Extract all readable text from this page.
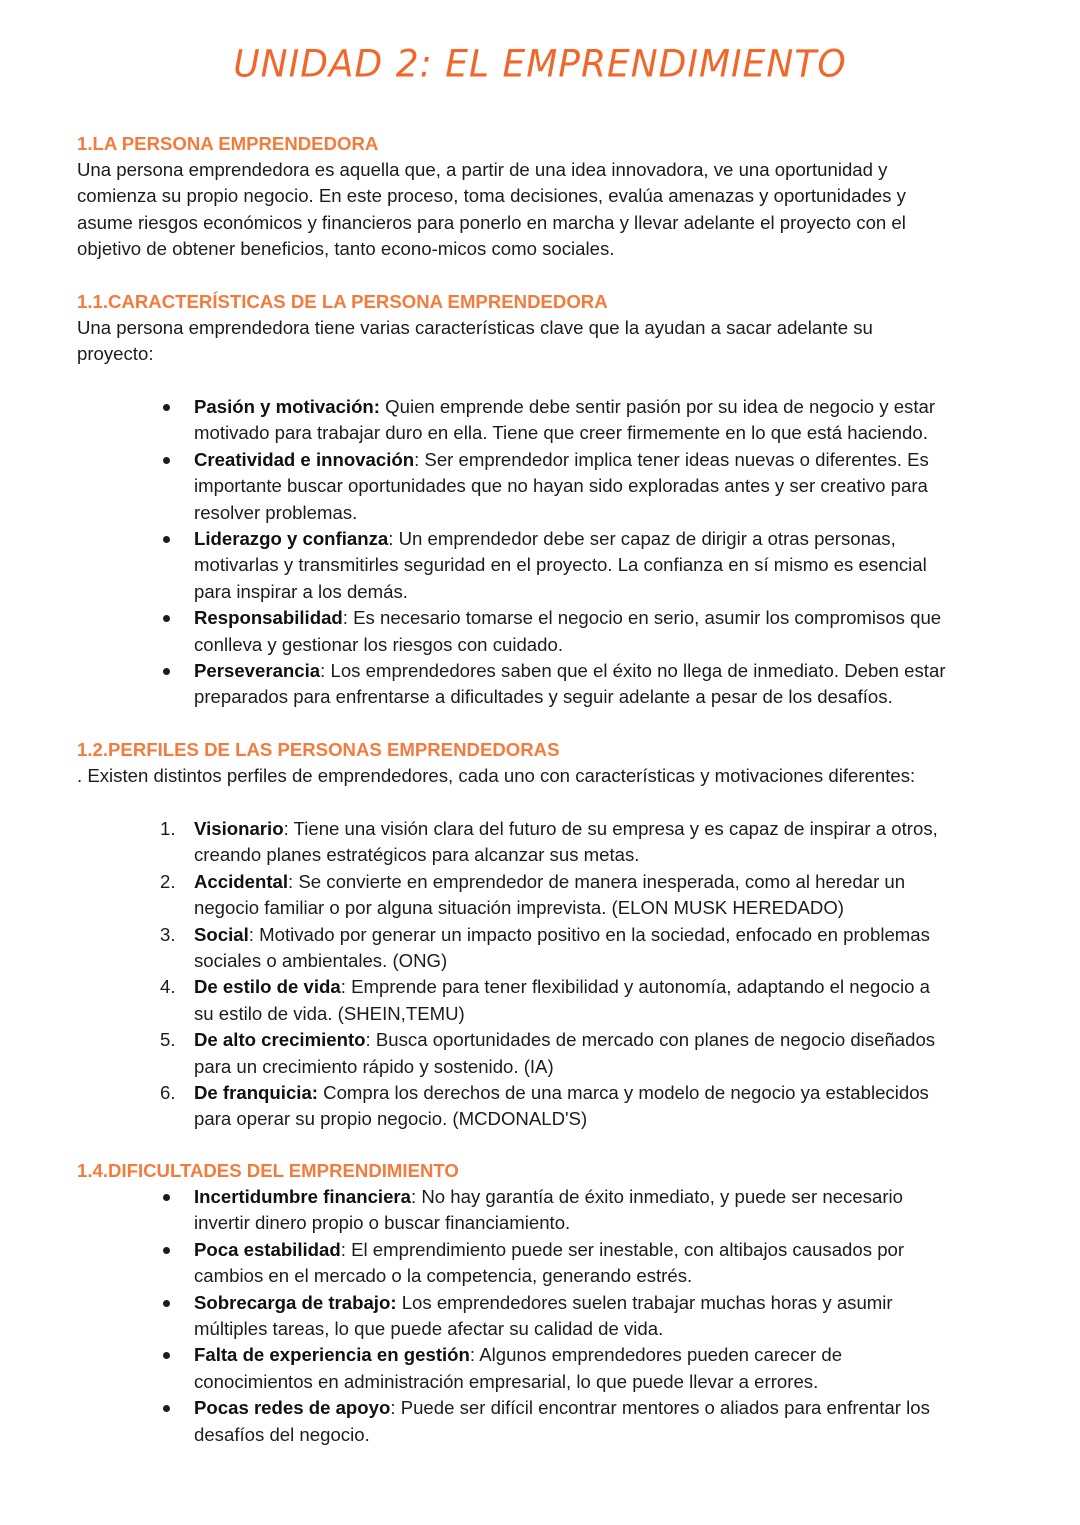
UNIDAD 2: EL EMPRENDIMIENTO
1.LA PERSONA EMPRENDEDORA
Una persona emprendedora es aquella que, a partir de una idea innovadora, ve una oportunidad y
comienza su propio negocio. En este proceso, toma decisiones, evalúa amenazas y oportunidades y
asume riesgos económicos y financieros para ponerlo en marcha y llevar adelante el proyecto con el
objetivo de obtener beneficios, tanto econo-micos como sociales.
1.1.CARACTERÍSTICAS DE LA PERSONA EMPRENDEDORA
Una persona emprendedora tiene varias características clave que la ayudan a sacar adelante su
proyecto:
Pasión y motivación: Quien emprende debe sentir pasión por su idea de negocio y estar
motivado para trabajar duro en ella. Tiene que creer firmemente en lo que está haciendo.
Creatividad e innovación: Ser emprendedor implica tener ideas nuevas o diferentes. Es
importante buscar oportunidades que no hayan sido exploradas antes y ser creativo para
resolver problemas.
Liderazgo y confianza: Un emprendedor debe ser capaz de dirigir a otras personas,
motivarlas y transmitirles seguridad en el proyecto. La confianza en sí mismo es esencial
para inspirar a los demás.
Responsabilidad: Es necesario tomarse el negocio en serio, asumir los compromisos que
conlleva y gestionar los riesgos con cuidado.
Perseverancia: Los emprendedores saben que el éxito no llega de inmediato. Deben estar
preparados para enfrentarse a dificultades y seguir adelante a pesar de los desafíos.
1.2.PERFILES DE LAS PERSONAS EMPRENDEDORAS
. Existen distintos perfiles de emprendedores, cada uno con características y motivaciones diferentes:
1. Visionario: Tiene una visión clara del futuro de su empresa y es capaz de inspirar a otros,
creando planes estratégicos para alcanzar sus metas.
2. Accidental: Se convierte en emprendedor de manera inesperada, como al heredar un
negocio familiar o por alguna situación imprevista. (ELON MUSK HEREDADO)
3. Social: Motivado por generar un impacto positivo en la sociedad, enfocado en problemas
sociales o ambientales. (ONG)
4. De estilo de vida: Emprende para tener flexibilidad y autonomía, adaptando el negocio a
su estilo de vida. (SHEIN,TEMU)
5. De alto crecimiento: Busca oportunidades de mercado con planes de negocio diseñados
para un crecimiento rápido y sostenido. (IA)
6. De franquicia: Compra los derechos de una marca y modelo de negocio ya establecidos
para operar su propio negocio. (MCDONALD'S)
1.4.DIFICULTADES DEL EMPRENDIMIENTO
Incertidumbre financiera: No hay garantía de éxito inmediato, y puede ser necesario
invertir dinero propio o buscar financiamiento.
Poca estabilidad: El emprendimiento puede ser inestable, con altibajos causados por
cambios en el mercado o la competencia, generando estrés.
Sobrecarga de trabajo: Los emprendedores suelen trabajar muchas horas y asumir
múltiples tareas, lo que puede afectar su calidad de vida.
Falta de experiencia en gestión: Algunos emprendedores pueden carecer de
conocimientos en administración empresarial, lo que puede llevar a errores.
Pocas redes de apoyo: Puede ser difícil encontrar mentores o aliados para enfrentar los
desafíos del negocio.
